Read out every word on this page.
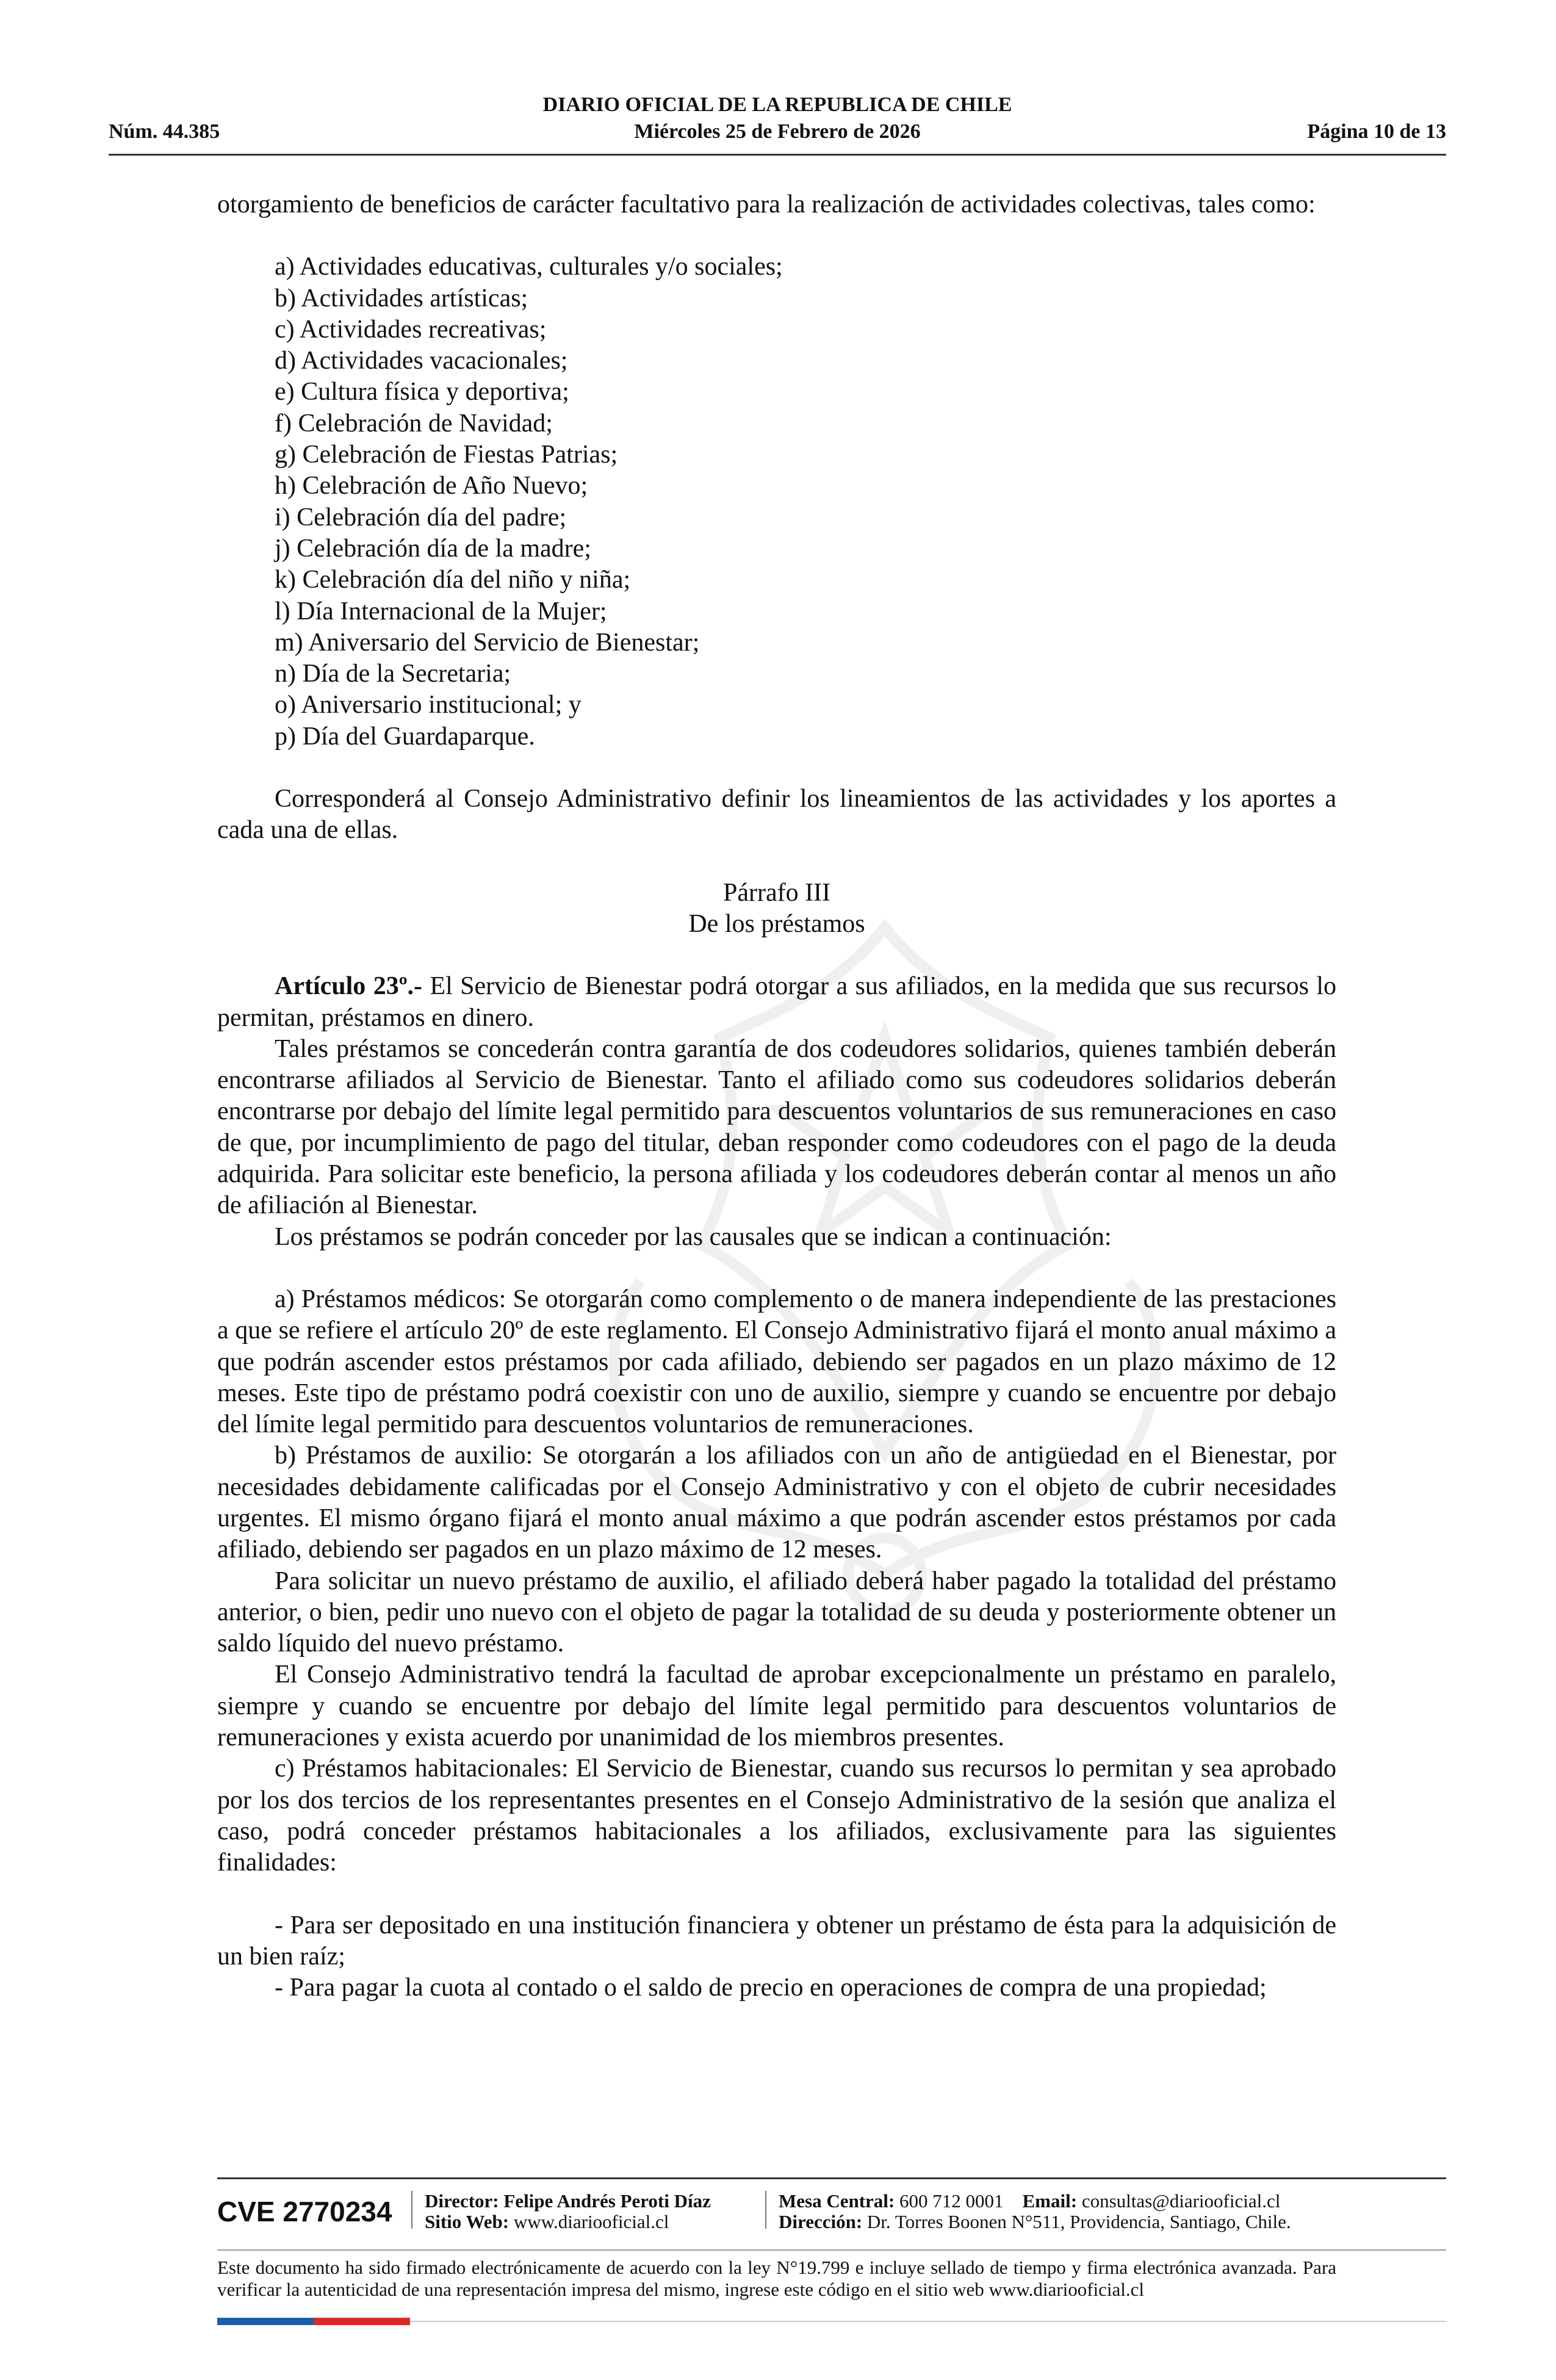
DIARIO OFICIAL DE LA REPUBLICA DE CHILE
Núm. 44.385	Miércoles 25 de Febrero de 2026	Página 10 de 13

otorgamiento de beneficios de carácter facultativo para la realización de actividades colectivas, tales como:

a) Actividades educativas, culturales y/o sociales;

b) Actividades artísticas;

c) Actividades recreativas;

d) Actividades vacacionales;

e) Cultura física y deportiva;

f) Celebración de Navidad;

g) Celebración de Fiestas Patrias;

h) Celebración de Año Nuevo;

i) Celebración día del padre;

j) Celebración día de la madre;

k) Celebración día del niño y niña;

l) Día Internacional de la Mujer;

m) Aniversario del Servicio de Bienestar;

n) Día de la Secretaria;

o) Aniversario institucional; y

p) Día del Guardaparque.

Corresponderá al Consejo Administrativo definir los lineamientos de las actividades y los aportes a cada una de ellas.

Párrafo III

De los préstamos

Artículo 23º.- El Servicio de Bienestar podrá otorgar a sus afiliados, en la medida que sus recursos lo permitan, préstamos en dinero.

Tales préstamos se concederán contra garantía de dos codeudores solidarios, quienes también deberán encontrarse afiliados al Servicio de Bienestar. Tanto el afiliado como sus codeudores solidarios deberán encontrarse por debajo del límite legal permitido para descuentos voluntarios de sus remuneraciones en caso de que, por incumplimiento de pago del titular, deban responder como codeudores con el pago de la deuda adquirida. Para solicitar este beneficio, la persona afiliada y los codeudores deberán contar al menos un año de afiliación al Bienestar.

Los préstamos se podrán conceder por las causales que se indican a continuación:

a) Préstamos médicos: Se otorgarán como complemento o de manera independiente de las prestaciones a que se refiere el artículo 20º de este reglamento. El Consejo Administrativo fijará el monto anual máximo a que podrán ascender estos préstamos por cada afiliado, debiendo ser pagados en un plazo máximo de 12 meses. Este tipo de préstamo podrá coexistir con uno de auxilio, siempre y cuando se encuentre por debajo del límite legal permitido para descuentos voluntarios de remuneraciones.

b) Préstamos de auxilio: Se otorgarán a los afiliados con un año de antigüedad en el Bienestar, por necesidades debidamente calificadas por el Consejo Administrativo y con el objeto de cubrir necesidades urgentes. El mismo órgano fijará el monto anual máximo a que podrán ascender estos préstamos por cada afiliado, debiendo ser pagados en un plazo máximo de 12 meses.

Para solicitar un nuevo préstamo de auxilio, el afiliado deberá haber pagado la totalidad del préstamo anterior, o bien, pedir uno nuevo con el objeto de pagar la totalidad de su deuda y posteriormente obtener un saldo líquido del nuevo préstamo.

El Consejo Administrativo tendrá la facultad de aprobar excepcionalmente un préstamo en paralelo, siempre y cuando se encuentre por debajo del límite legal permitido para descuentos voluntarios de remuneraciones y exista acuerdo por unanimidad de los miembros presentes.

c) Préstamos habitacionales: El Servicio de Bienestar, cuando sus recursos lo permitan y sea aprobado por los dos tercios de los representantes presentes en el Consejo Administrativo de la sesión que analiza el caso, podrá conceder préstamos habitacionales a los afiliados, exclusivamente para las siguientes finalidades:

- Para ser depositado en una institución financiera y obtener un préstamo de ésta para la adquisición de un bien raíz;

- Para pagar la cuota al contado o el saldo de precio en operaciones de compra de una propiedad;

CVE 2770234 Director: Felipe Andrés Peroti Díaz
Sitio Web: www.diariooficial.cl
Mesa Central: 600 712 0001 Email: consultas@diariooficial.cl
Dirección: Dr. Torres Boonen N°511, Providencia, Santiago, Chile.
Este documento ha sido firmado electrónicamente de acuerdo con la ley N°19.799 e incluye sellado de tiempo y firma electrónica avanzada. Para verificar la autenticidad de una representación impresa del mismo, ingrese este código en el sitio web www.diariooficial.cl
